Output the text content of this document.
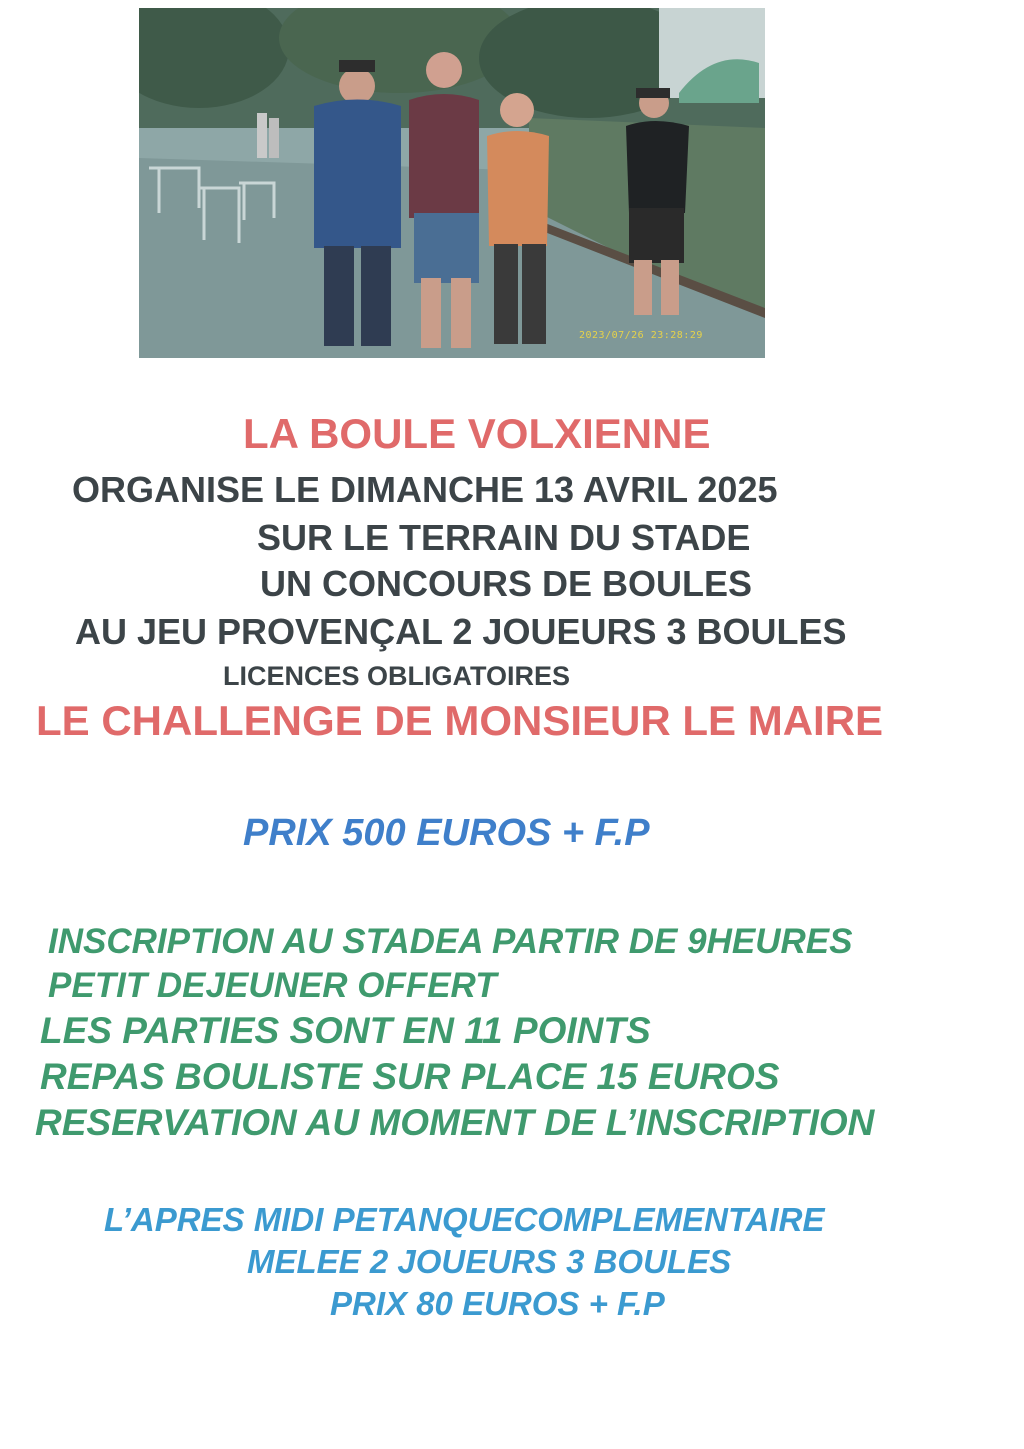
2023/07/26 23:28:29

LA BOULE VOLXIENNE

ORGANISE LE DIMANCHE 13 AVRIL 2025

SUR LE TERRAIN DU STADE

UN CONCOURS DE BOULES

AU JEU PROVENÇAL 2 JOUEURS 3 BOULES

LICENCES OBLIGATOIRES

LE CHALLENGE DE MONSIEUR LE MAIRE

PRIX 500 EUROS + F.P

INSCRIPTION AU STADEA PARTIR DE 9HEURES

PETIT DEJEUNER OFFERT

LES PARTIES SONT EN 11 POINTS

REPAS BOULISTE SUR PLACE 15 EUROS

RESERVATION AU MOMENT DE L’INSCRIPTION

L’APRES MIDI PETANQUECOMPLEMENTAIRE

MELEE 2 JOUEURS 3 BOULES

PRIX 80 EUROS + F.P
